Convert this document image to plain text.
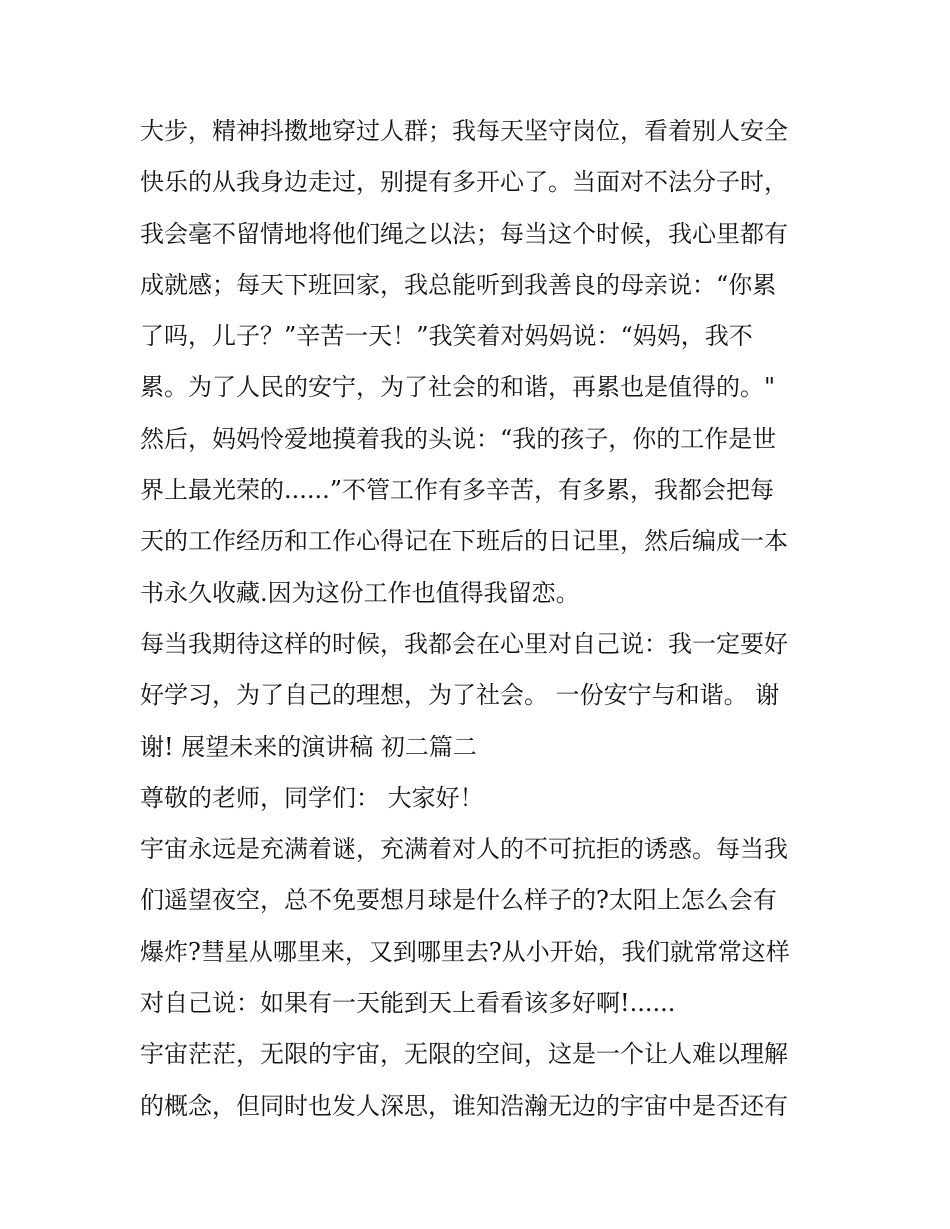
大步，精神抖擞地穿过人群；我每天坚守岗位，看着别人安全
快乐的从我身边走过，别提有多开心了。当面对不法分子时，
我会毫不留情地将他们绳之以法；每当这个时候，我心里都有
成就感；每天下班回家，我总能听到我善良的母亲说：“你累
了吗，儿子？”辛苦一天！”我笑着对妈妈说：“妈妈，我不
累。为了人民的安宁，为了社会的和谐，再累也是值得的。"
然后，妈妈怜爱地摸着我的头说：“我的孩子，你的工作是世
界上最光荣的......”不管工作有多辛苦，有多累，我都会把每
天的工作经历和工作心得记在下班后的日记里，然后编成一本
书永久收藏.因为这份工作也值得我留恋。
每当我期待这样的时候，我都会在心里对自己说：我一定要好
好学习，为了自己的理想，为了社会。 一份安宁与和谐。 谢
谢! 展望未来的演讲稿 初二篇二
尊敬的老师，同学们： 大家好！
宇宙永远是充满着谜，充满着对人的不可抗拒的诱惑。每当我
们遥望夜空，总不免要想月球是什么样子的?太阳上怎么会有
爆炸?彗星从哪里来，又到哪里去?从小开始，我们就常常这样
对自己说：如果有一天能到天上看看该多好啊!......
宇宙茫茫，无限的宇宙，无限的空间，这是一个让人难以理解
的概念，但同时也发人深思，谁知浩瀚无边的宇宙中是否还有
